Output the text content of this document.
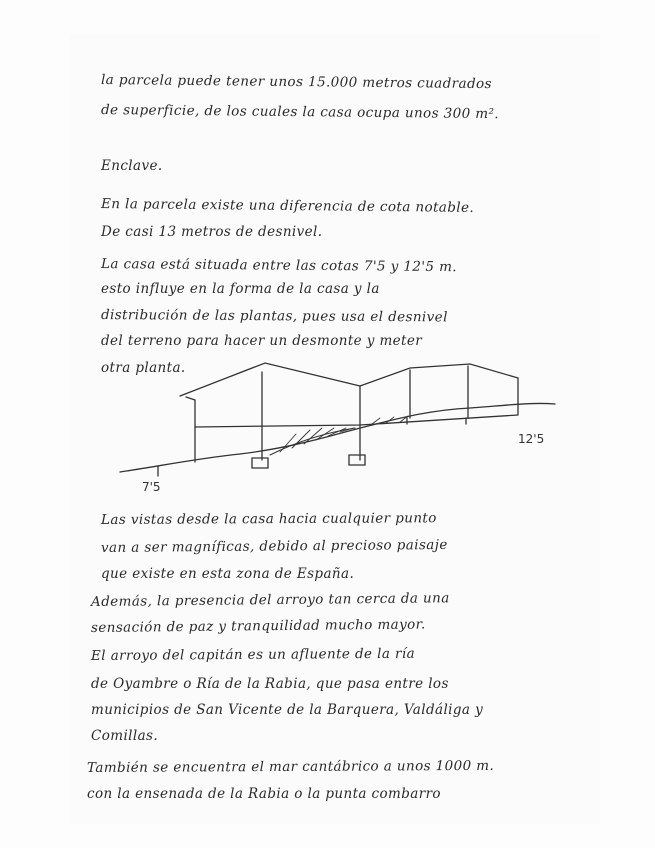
la parcela puede tener unos 15.000 metros cuadrados
de superficie, de los cuales la casa ocupa unos 300 m².
Enclave.
En la parcela existe una diferencia de cota notable.
De casi 13 metros de desnivel.
La casa está situada entre las cotas 7'5 y 12'5 m.
esto influye en la forma de la casa y la
distribución de las plantas, pues usa el desnivel
del terreno para hacer un desmonte y meter
otra planta.
7'5
12'5
Las vistas desde la casa hacia cualquier punto
van a ser magníficas, debido al precioso paisaje
que existe en esta zona de España.
Además, la presencia del arroyo tan cerca da una
sensación de paz y tranquilidad mucho mayor.
El arroyo del capitán es un afluente de la ría
de Oyambre o Ría de la Rabia, que pasa entre los
municipios de San Vicente de la Barquera, Valdáliga y
Comillas.
También se encuentra el mar cantábrico a unos 1000 m.
con la ensenada de la Rabia o la punta combarro
